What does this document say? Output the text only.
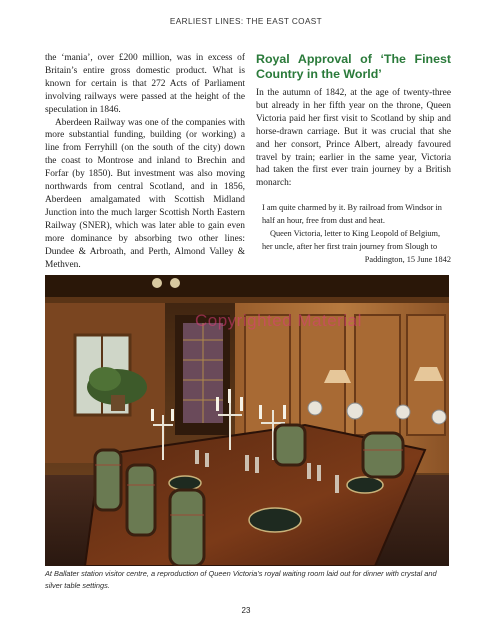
EARLIEST LINES: THE EAST COAST

the ‘mania’, over £200 million, was in excess of Britain’s entire gross domestic product. What is known for certain is that 272 Acts of Parliament involving railways were passed at the height of the speculation in 1846.

Aberdeen Railway was one of the companies with more substantial funding, building (or working) a line from Ferryhill (on the south of the city) down the coast to Montrose and inland to Brechin and Forfar (by 1850). But investment was also moving northwards from central Scotland, and in 1856, Aberdeen amalgamated with Scottish Midland Junction into the much larger Scottish North Eastern Railway (SNER), which was later able to gain even more dominance by absorbing two other lines: Dundee & Arbroath, and Perth, Almond Valley & Methven.

Royal Approval of ‘The Finest Country in the World’

In the autumn of 1842, at the age of twenty-three but already in her fifth year on the throne, Queen Victoria paid her first visit to Scotland by ship and horse-drawn carriage. But it was crucial that she and her consort, Prince Albert, already favoured travel by train; earlier in the same year, Victoria had taken the first ever train journey by a British monarch:

I am quite charmed by it. By railroad from Windsor in half an hour, free from dust and heat.

Queen Victoria, letter to King Leopold of Belgium, her uncle, after her first train journey from Slough to

Paddington, 15 June 1842

Copyrighted Material
At Ballater station visitor centre, a reproduction of Queen Victoria’s royal waiting room laid out for dinner with crystal and silver table settings.
23
